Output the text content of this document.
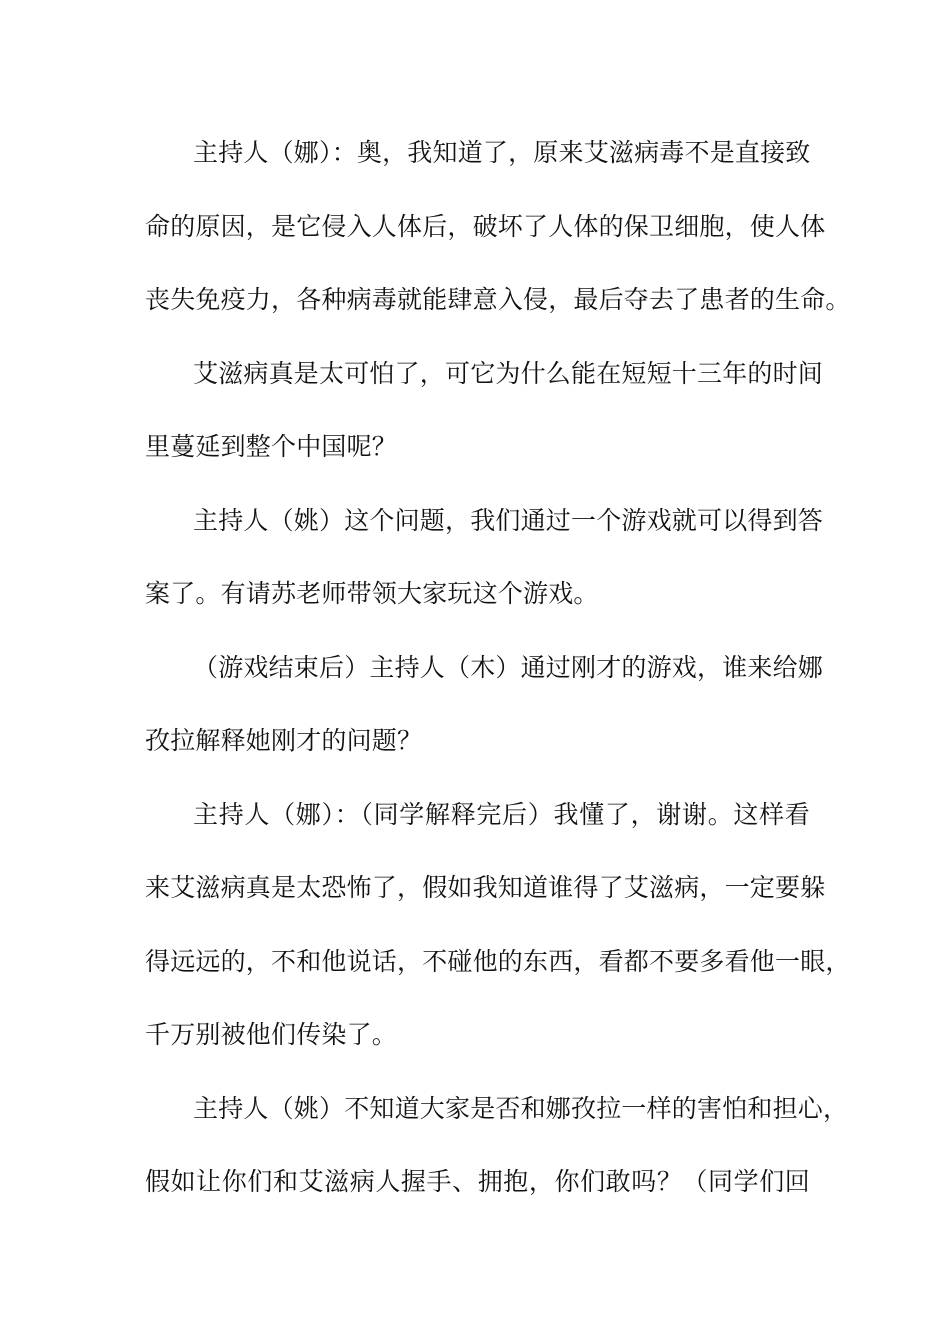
主持人（娜）：奥，我知道了，原来艾滋病毒不是直接致
命的原因，是它侵入人体后，破坏了人体的保卫细胞，使人体
丧失免疫力，各种病毒就能肆意入侵，最后夺去了患者的生命。
艾滋病真是太可怕了，可它为什么能在短短十三年的时间
里蔓延到整个中国呢？
主持人（姚）这个问题，我们通过一个游戏就可以得到答
案了。有请苏老师带领大家玩这个游戏。
（游戏结束后）主持人（木）通过刚才的游戏，谁来给娜
孜拉解释她刚才的问题？
主持人（娜）：（同学解释完后）我懂了，谢谢。这样看
来艾滋病真是太恐怖了，假如我知道谁得了艾滋病，一定要躲
得远远的，不和他说话，不碰他的东西，看都不要多看他一眼，
千万别被他们传染了。
主持人（姚）不知道大家是否和娜孜拉一样的害怕和担心，
假如让你们和艾滋病人握手、拥抱，你们敢吗？（同学们回
